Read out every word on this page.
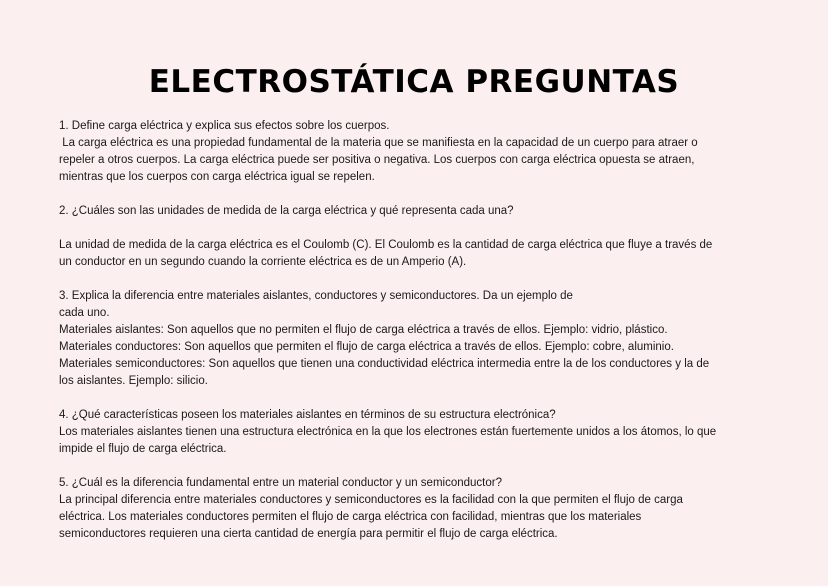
ELECTROSTÁTICA PREGUNTAS
1. Define carga eléctrica y explica sus efectos sobre los cuerpos.
La carga eléctrica es una propiedad fundamental de la materia que se manifiesta en la capacidad de un cuerpo para atraer o
repeler a otros cuerpos. La carga eléctrica puede ser positiva o negativa. Los cuerpos con carga eléctrica opuesta se atraen,
mientras que los cuerpos con carga eléctrica igual se repelen.
2. ¿Cuáles son las unidades de medida de la carga eléctrica y qué representa cada una?
La unidad de medida de la carga eléctrica es el Coulomb (C). El Coulomb es la cantidad de carga eléctrica que fluye a través de
un conductor en un segundo cuando la corriente eléctrica es de un Amperio (A).
3. Explica la diferencia entre materiales aislantes, conductores y semiconductores. Da un ejemplo de
cada uno.
Materiales aislantes: Son aquellos que no permiten el flujo de carga eléctrica a través de ellos. Ejemplo: vidrio, plástico.
Materiales conductores: Son aquellos que permiten el flujo de carga eléctrica a través de ellos. Ejemplo: cobre, aluminio.
Materiales semiconductores: Son aquellos que tienen una conductividad eléctrica intermedia entre la de los conductores y la de
los aislantes. Ejemplo: silicio.
4. ¿Qué características poseen los materiales aislantes en términos de su estructura electrónica?
Los materiales aislantes tienen una estructura electrónica en la que los electrones están fuertemente unidos a los átomos, lo que
impide el flujo de carga eléctrica.
5. ¿Cuál es la diferencia fundamental entre un material conductor y un semiconductor?
La principal diferencia entre materiales conductores y semiconductores es la facilidad con la que permiten el flujo de carga
eléctrica. Los materiales conductores permiten el flujo de carga eléctrica con facilidad, mientras que los materiales
semiconductores requieren una cierta cantidad de energía para permitir el flujo de carga eléctrica.
